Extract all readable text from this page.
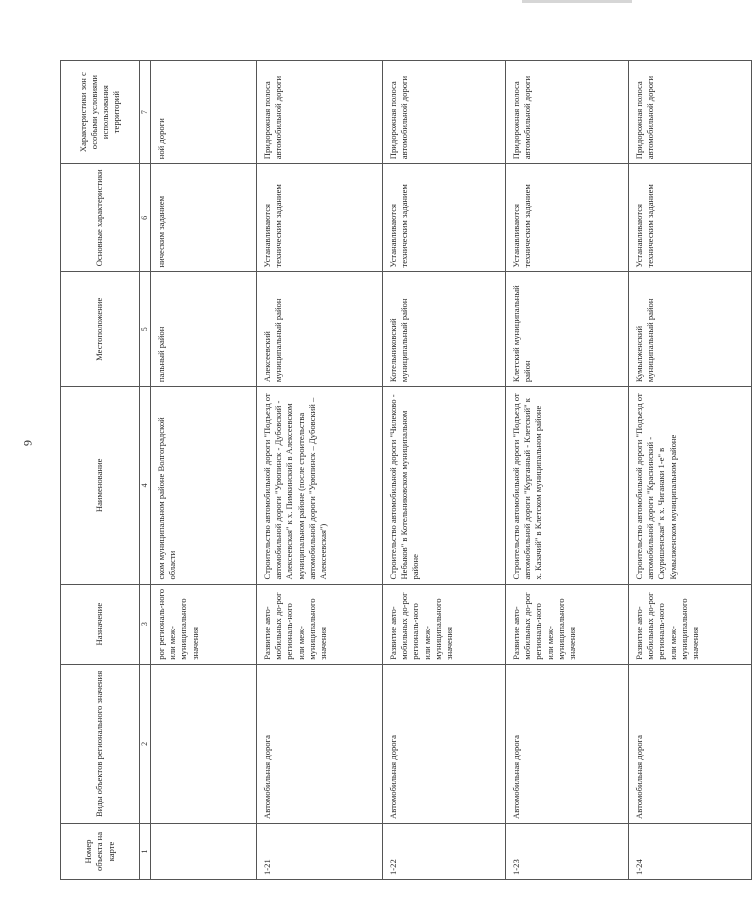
6
Номер объекта на карте	Виды объектов регионального значения	Назначение	Наименование	Местоположение	Основные характеристики	Характеристики зон с особыми условиями использования территорий
1	2	3	4	5	6	7
		рог региональ-ного или меж-муниципального значения	ском муниципальном районе Волгоградской области	пальный район	ническим заданием	ной дороги
1-21	Автомобильная дорога	Развитие авто-мобильных до-рог региональ-ного или меж-муниципального значения	Строительство автомобильной дороги "Подъезд от автомобильной дороги "Урюпинск - Дубовский - Алексеевская" к х. Пимкинский в Алексеевском муниципальном районе (после строительства автомобильной дороги "Урюпинск – Дубовский – Алексеевская")	Алексеевский муниципальный район	Устанавливаются техническим заданием	Придорожная полоса автомобильной дороги
1-22	Автомобильная дорога	Развитие авто-мобильных до-рог региональ-ного или меж-муниципального значения	Строительство автомобильной дороги "Чилеково - Небыков" в Котельниковском муниципальном районе	Котельниковский муниципальный район	Устанавливаются техническим заданием	Придорожная полоса автомобильной дороги
1-23	Автомобильная дорога	Развитие авто-мобильных до-рог региональ-ного или меж-муниципального значения	Строительство автомобильной дороги "Подъезд от автомобильной дороги "Курганный - Клетский" к х. Казачий" в Клетском муниципальном районе	Клетский муниципальный район	Устанавливаются техническим заданием	Придорожная полоса автомобильной дороги
1-24	Автомобильная дорога	Развитие авто-мобильных до-рог региональ-ного или меж-муниципального значения	Строительство автомобильной дороги "Подъезд от автомобильной дороги "Краснинский - Скуришенская" к х. Чиганаки 1-е" в Кумылженском муниципальном районе	Кумылженский муниципальный район	Устанавливаются техническим заданием	Придорожная полоса автомобильной дороги
